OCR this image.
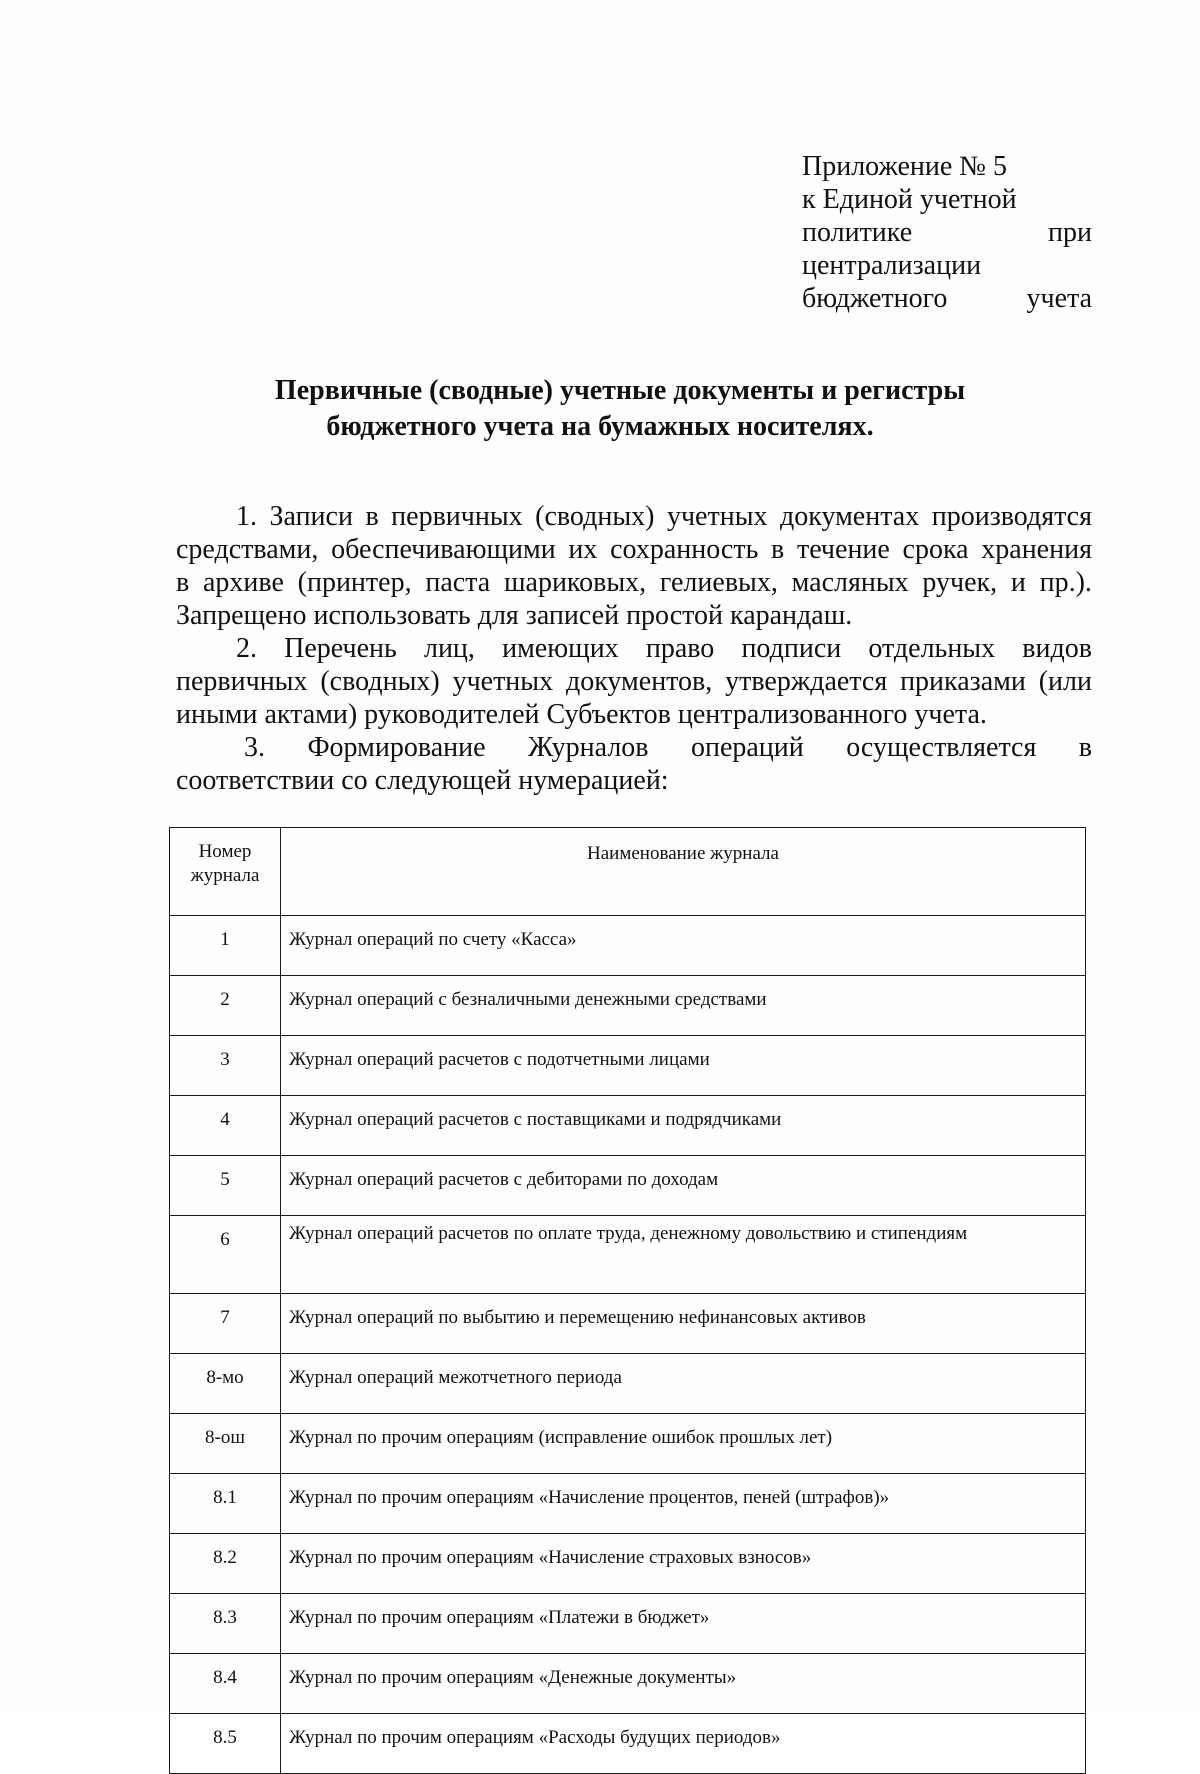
Приложение № 5
к Единой учетной
политике	при
централизации
бюджетного	учета
Первичные (сводные) учетные документы и регистры
бюджетного учета на бумажных носителях.
1. Записи в первичных (сводных) учетных документах производятся
средствами, обеспечивающими их сохранность в течение срока хранения
в архиве (принтер, паста шариковых, гелиевых, масляных ручек, и пр.).
Запрещено использовать для записей простой карандаш.
2. Перечень лиц, имеющих право подписи отдельных видов
первичных (сводных) учетных документов, утверждается приказами (или
иными актами) руководителей Субъектов централизованного учета.
3. Формирование Журналов операций осуществляется в
соответствии со следующей нумерацией:
Номер
журнала	Наименование журнала
1	Журнал операций по счету «Касса»
2	Журнал операций с безналичными денежными средствами
3	Журнал операций расчетов с подотчетными лицами
4	Журнал операций расчетов с поставщиками и подрядчиками
5	Журнал операций расчетов с дебиторами по доходам
6	Журнал операций расчетов по оплате труда, денежному довольствию и стипендиям
7	Журнал операций по выбытию и перемещению нефинансовых активов
8-мо	Журнал операций межотчетного периода
8-ош	Журнал по прочим операциям (исправление ошибок прошлых лет)
8.1	Журнал по прочим операциям «Начисление процентов, пеней (штрафов)»
8.2	Журнал по прочим операциям «Начисление страховых взносов»
8.3	Журнал по прочим операциям «Платежи в бюджет»
8.4	Журнал по прочим операциям «Денежные документы»
8.5	Журнал по прочим операциям «Расходы будущих периодов»
